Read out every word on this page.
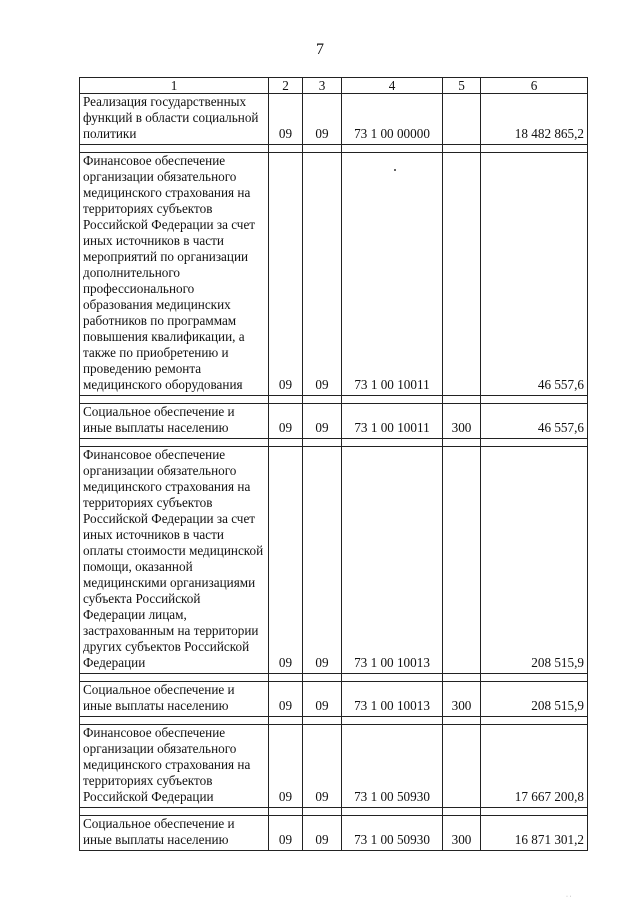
7
1	2	3	4	5	6
Реализация государственных функций в области социальной политики	09	09	73 1 00 00000		18 482 865,2

Финансовое обеспечение организации обязательного медицинского страхования на территориях субъектов Российской Федерации за счет иных источников в части мероприятий по организации дополнительного профессионального образования медицинских работников по программам повышения квалификации, а также по приобретению и проведению ремонта медицинского оборудования	09	09	73 1 00 10011		46 557,6

Социальное обеспечение и иные выплаты населению	09	09	73 1 00 10011	300	46 557,6

Финансовое обеспечение организации обязательного медицинского страхования на территориях субъектов Российской Федерации за счет иных источников в части оплаты стоимости медицинской помощи, оказанной медицинскими организациями субъекта Российской Федерации лицам, застрахованным на территории других субъектов Российской Федерации	09	09	73 1 00 10013		208 515,9

Социальное обеспечение и иные выплаты населению	09	09	73 1 00 10013	300	208 515,9

Финансовое обеспечение организации обязательного медицинского страхования на территориях субъектов Российской Федерации	09	09	73 1 00 50930		17 667 200,8

Социальное обеспечение и иные выплаты населению	09	09	73 1 00 50930	300	16 871 301,2
· ·
